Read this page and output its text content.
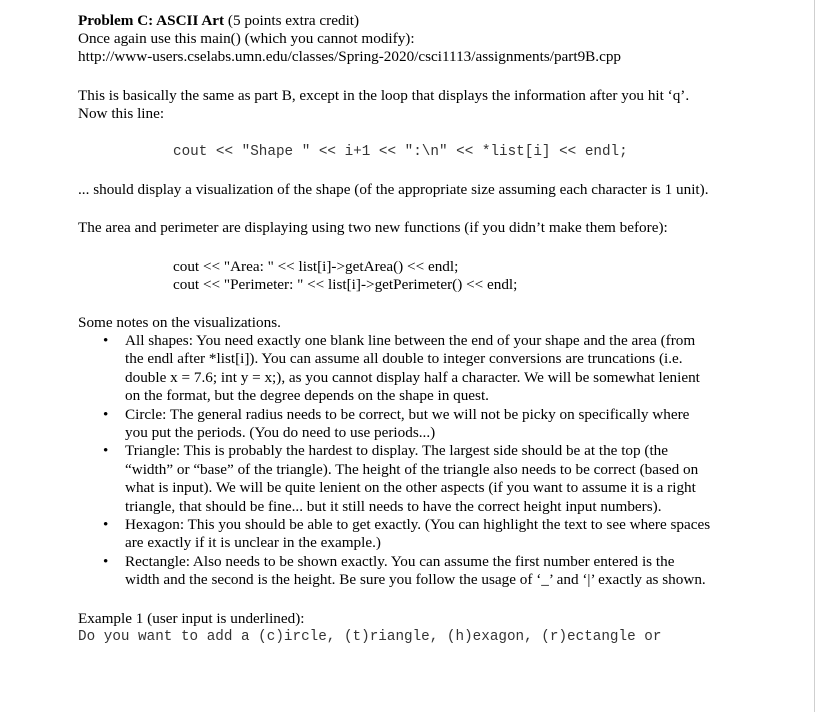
Problem C: ASCII Art (5 points extra credit)
Once again use this main() (which you cannot modify):
http://www-users.cselabs.umn.edu/classes/Spring-2020/csci1113/assignments/part9B.cpp
This is basically the same as part B, except in the loop that displays the information after you hit ‘q’.
Now this line:
cout << "Shape " << i+1 << ":\n" << *list[i] << endl;
... should display a visualization of the shape (of the appropriate size assuming each character is 1 unit).
The area and perimeter are displaying using two new functions (if you didn’t make them before):
cout << "Area: " << list[i]->getArea() << endl;
cout << "Perimeter: " << list[i]->getPerimeter() << endl;
Some notes on the visualizations.
• All shapes: You need exactly one blank line between the end of your shape and the area (from
the endl after *list[i]). You can assume all double to integer conversions are truncations (i.e.
double x = 7.6; int y = x;), as you cannot display half a character. We will be somewhat lenient
on the format, but the degree depends on the shape in quest.
• Circle: The general radius needs to be correct, but we will not be picky on specifically where
you put the periods. (You do need to use periods...)
• Triangle: This is probably the hardest to display. The largest side should be at the top (the
“width” or “base” of the triangle). The height of the triangle also needs to be correct (based on
what is input). We will be quite lenient on the other aspects (if you want to assume it is a right
triangle, that should be fine... but it still needs to have the correct height input numbers).
• Hexagon: This you should be able to get exactly. (You can highlight the text to see where spaces
are exactly if it is unclear in the example.)
• Rectangle: Also needs to be shown exactly. You can assume the first number entered is the
width and the second is the height. Be sure you follow the usage of ‘_’ and ‘|’ exactly as shown.
Example 1 (user input is underlined):
Do you want to add a (c)ircle, (t)riangle, (h)exagon, (r)ectangle or
